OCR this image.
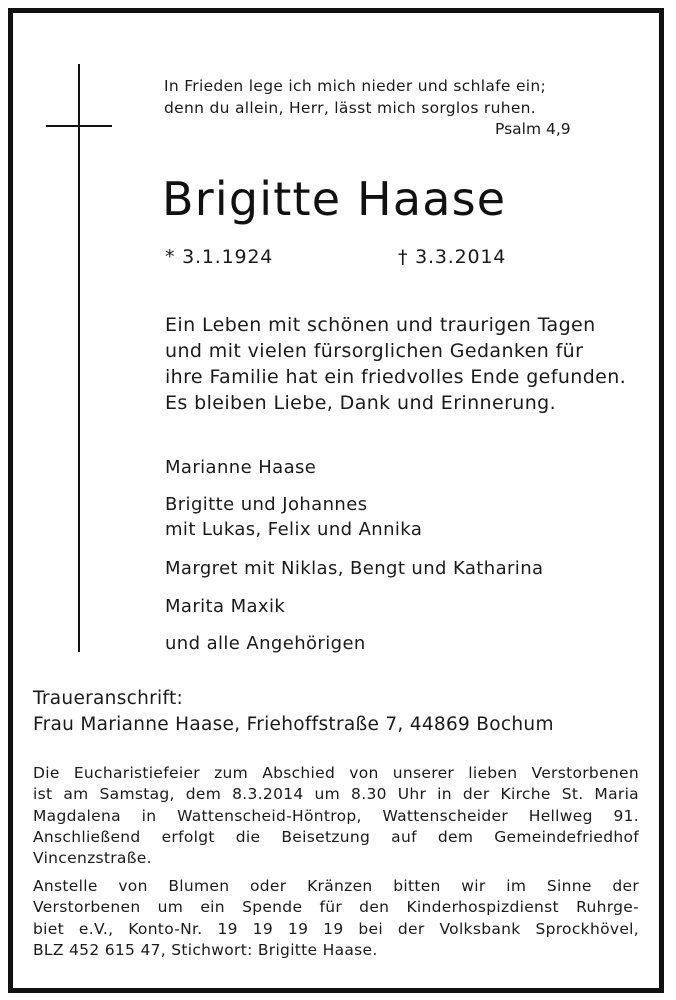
In Frieden lege ich mich nieder und schlafe ein;
denn du allein, Herr, lässt mich sorglos ruhen.
Psalm 4,9
Brigitte Haase
* 3.1.1924	† 3.3.2014
Ein Leben mit schönen und traurigen Tagen
und mit vielen fürsorglichen Gedanken für
ihre Familie hat ein friedvolles Ende gefunden.
Es bleiben Liebe, Dank und Erinnerung.
Marianne Haase
Brigitte und Johannes
mit Lukas, Felix und Annika
Margret mit Niklas, Bengt und Katharina
Marita Maxik
und alle Angehörigen
Traueranschrift:
Frau Marianne Haase, Friehoffstraße 7, 44869 Bochum
Die Eucharistiefeier zum Abschied von unserer lieben Verstorbenen
ist am Samstag, dem 8.3.2014 um 8.30 Uhr in der Kirche St. Maria
Magdalena in Wattenscheid-Höntrop, Wattenscheider Hellweg 91.
Anschließend erfolgt die Beisetzung auf dem Gemeindefriedhof
Vincenzstraße.
Anstelle von Blumen oder Kränzen bitten wir im Sinne der
Verstorbenen um ein Spende für den Kinderhospizdienst Ruhrge-
biet e.V., Konto-Nr. 19 19 19 19 bei der Volksbank Sprockhövel,
BLZ 452 615 47, Stichwort: Brigitte Haase.
